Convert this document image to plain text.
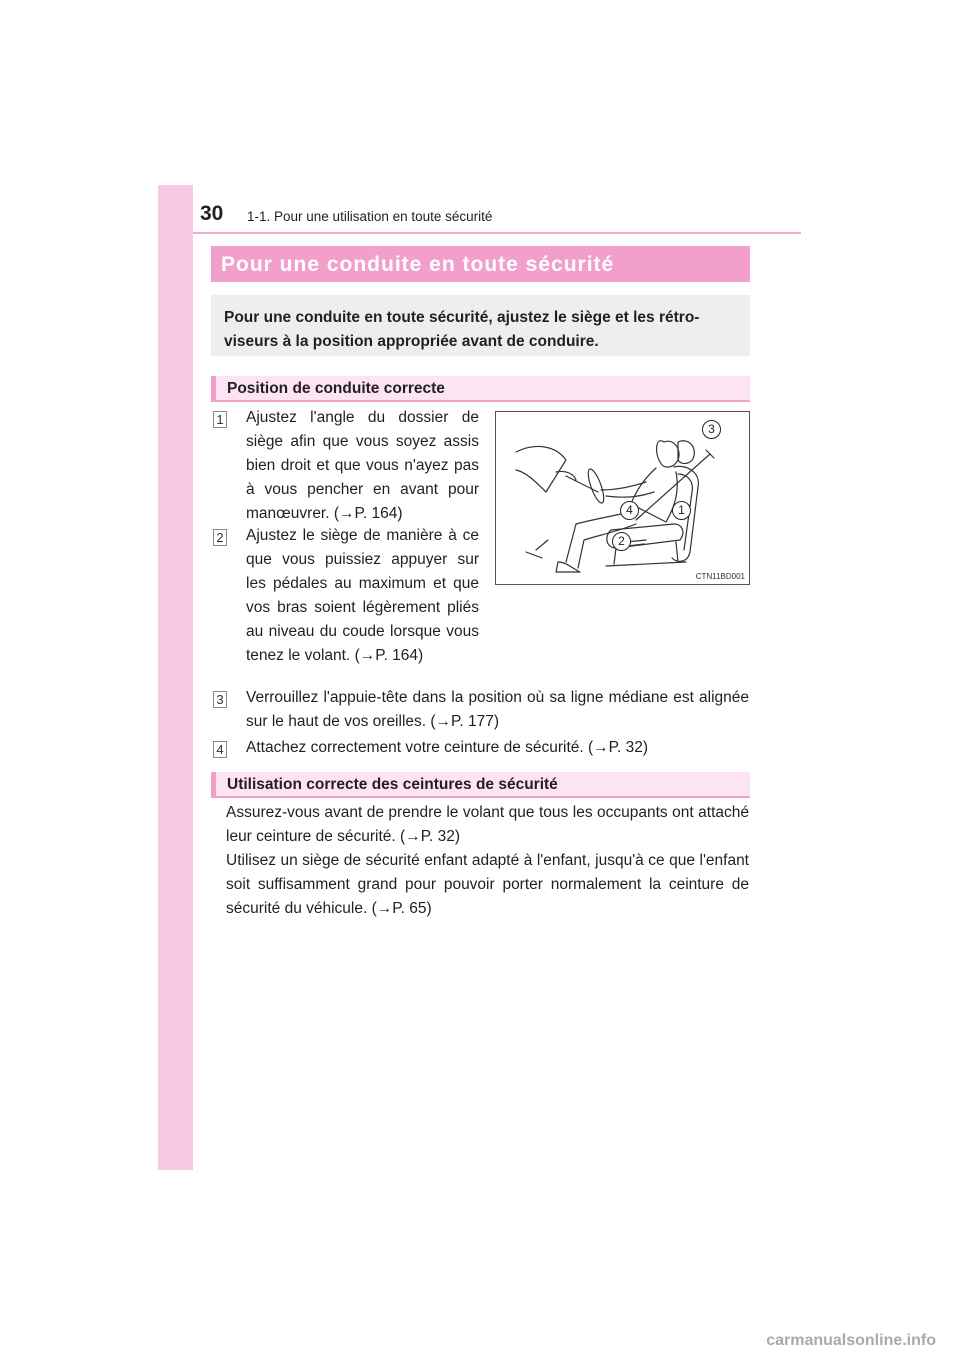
30 1-1. Pour une utilisation en toute sécurité
Pour une conduite en toute sécurité
Pour une conduite en toute sécurité, ajustez le siège et les rétro-viseurs à la position appropriée avant de conduire.
Position de conduite correcte
1 Ajustez l'angle du dossier de siège afin que vous soyez assis bien droit et que vous n'ayez pas à vous pencher en avant pour manœuvrer. (→P. 164)
2 Ajustez le siège de manière à ce que vous puissiez appuyer sur les pédales au maximum et que vos bras soient légèrement pliés au niveau du coude lorsque vous tenez le volant. (→P. 164)
3
4	1
2
CTN11BD001
3 Verrouillez l'appuie-tête dans la position où sa ligne médiane est alignée sur le haut de vos oreilles. (→P. 177)
4 Attachez correctement votre ceinture de sécurité. (→P. 32)
Utilisation correcte des ceintures de sécurité
Assurez-vous avant de prendre le volant que tous les occupants ont attaché leur ceinture de sécurité. (→P. 32)
Utilisez un siège de sécurité enfant adapté à l'enfant, jusqu'à ce que l'enfant soit suffisamment grand pour pouvoir porter normalement la ceinture de sécurité du véhicule. (→P. 65)
carmanualsonline.info
